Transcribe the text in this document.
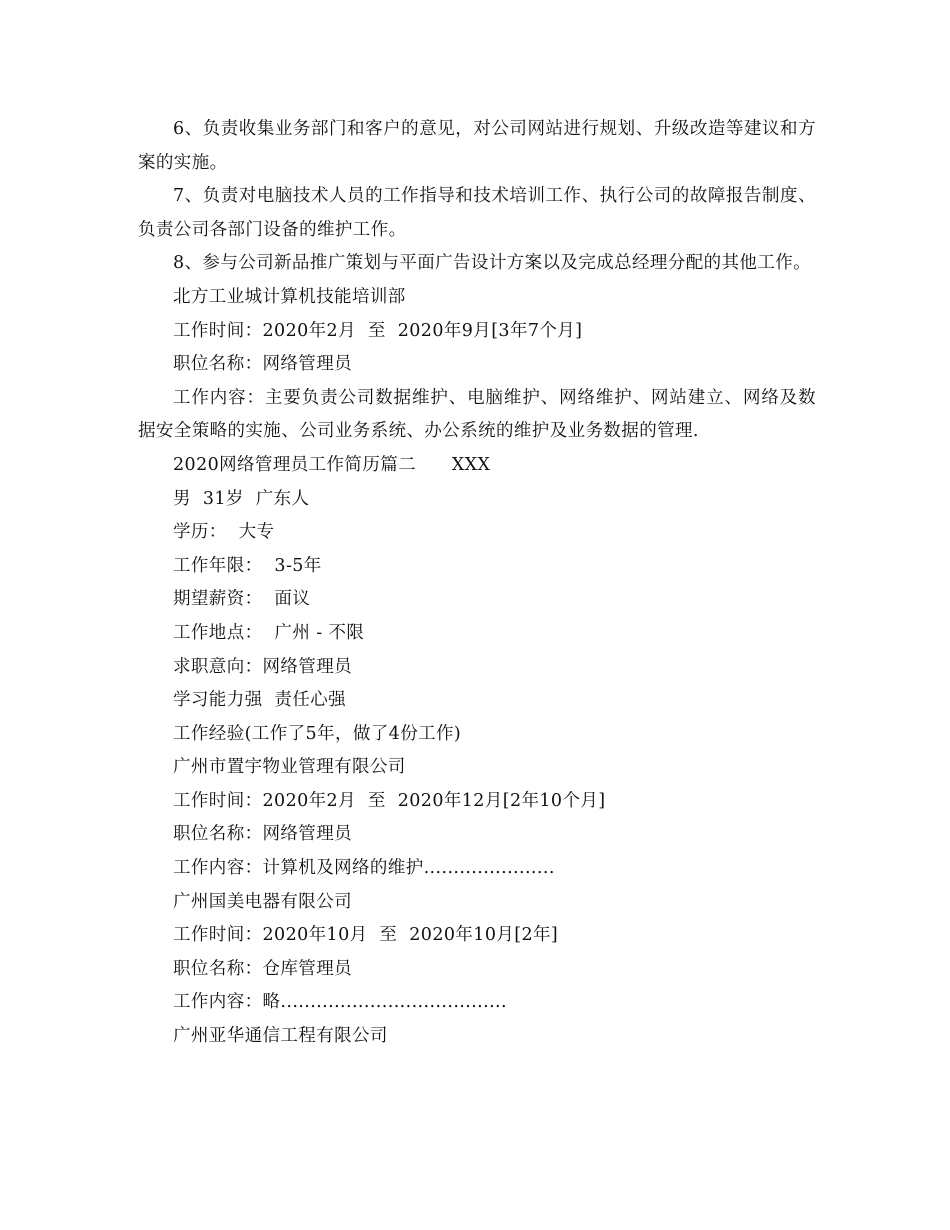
6、负责收集业务部门和客户的意见，对公司网站进行规划、升级改造等建议和方案的实施。

7、负责对电脑技术人员的工作指导和技术培训工作、执行公司的故障报告制度、负责公司各部门设备的维护工作。

8、参与公司新品推广策划与平面广告设计方案以及完成总经理分配的其他工作。

北方工业城计算机技能培训部

工作时间：2020年2月  至  2020年9月[3年7个月]

职位名称：网络管理员

工作内容：主要负责公司数据维护、电脑维护、网络维护、网站建立、网络及数据安全策略的实施、公司业务系统、办公系统的维护及业务数据的管理.

2020网络管理员工作简历篇二      XXX

男  31岁  广东人

学历：  大专

工作年限：  3-5年

期望薪资：  面议

工作地点：  广州 - 不限

求职意向：网络管理员

学习能力强  责任心强

工作经验(工作了5年，做了4份工作)

广州市置宇物业管理有限公司

工作时间：2020年2月  至  2020年12月[2年10个月]

职位名称：网络管理员

工作内容：计算机及网络的维护......................

广州国美电器有限公司

工作时间：2020年10月  至  2020年10月[2年]

职位名称：仓库管理员

工作内容：略......................................

广州亚华通信工程有限公司
